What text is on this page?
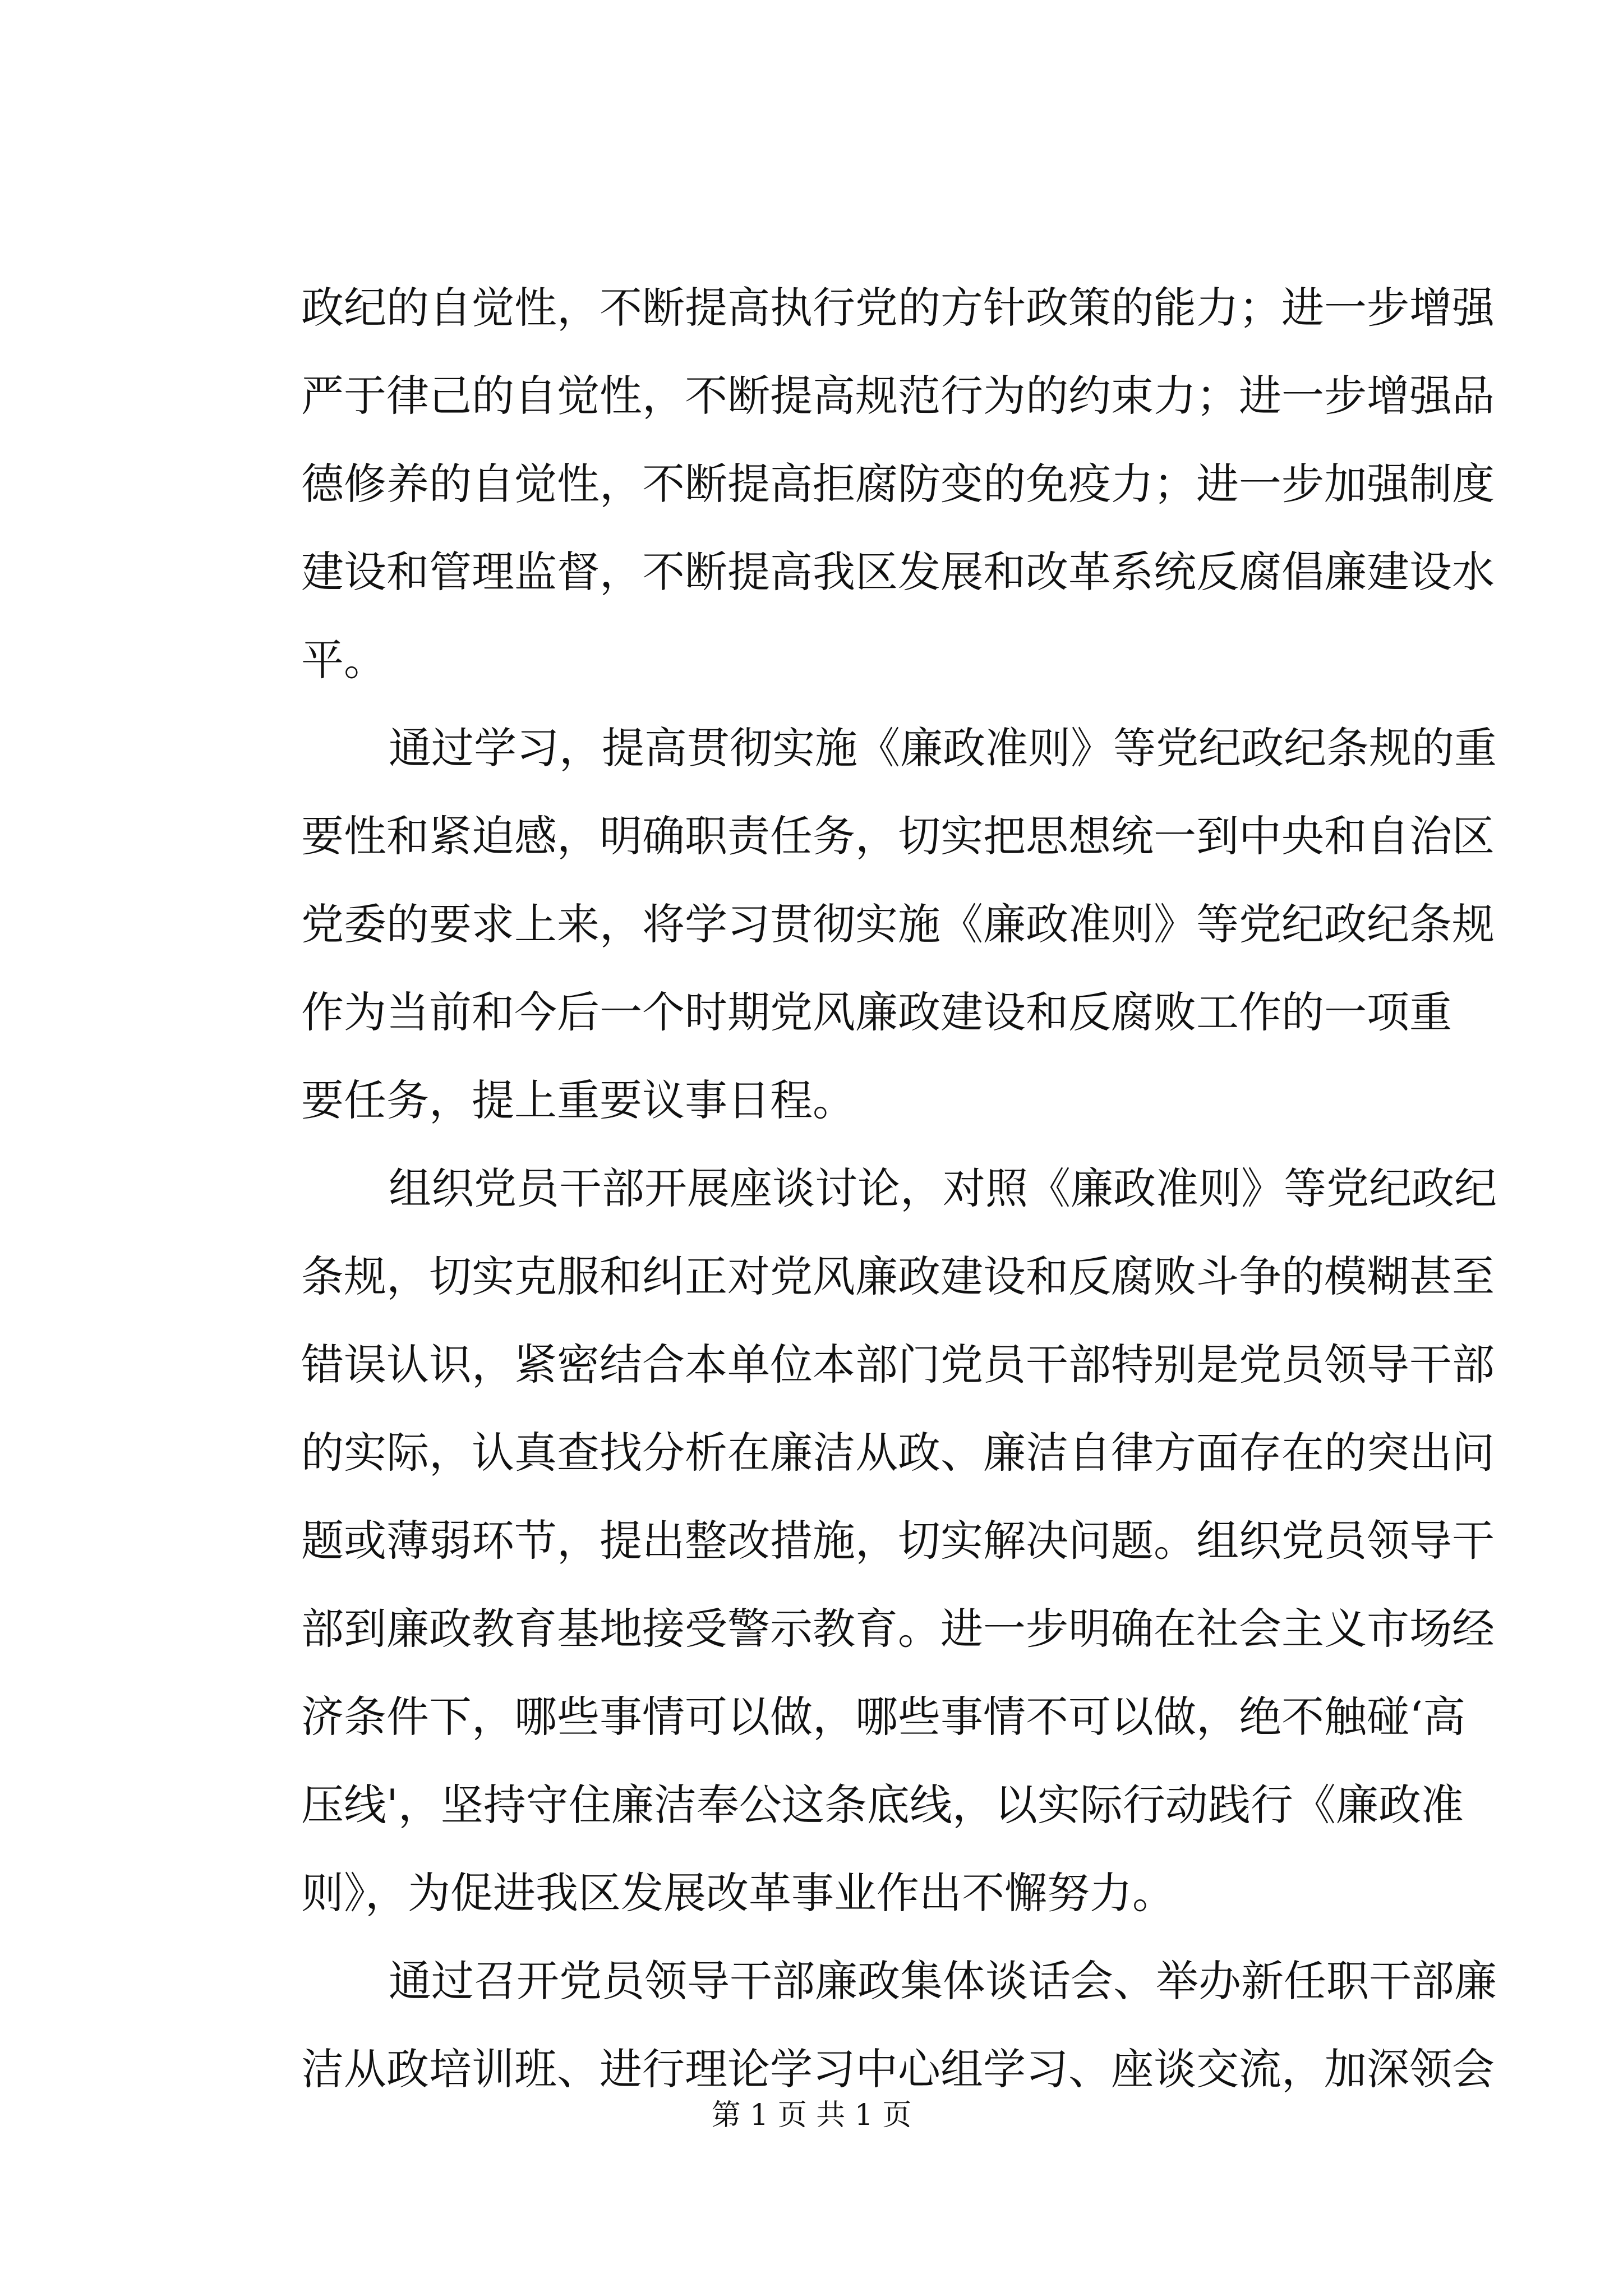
政纪的自觉性，不断提高执行党的方针政策的能力；进一步增强
严于律己的自觉性，不断提高规范行为的约束力；进一步增强品
德修养的自觉性，不断提高拒腐防变的免疫力；进一步加强制度
建设和管理监督，不断提高我区发展和改革系统反腐倡廉建设水
平。
通过学习，提高贯彻实施《廉政准则》等党纪政纪条规的重
要性和紧迫感，明确职责任务，切实把思想统一到中央和自治区
党委的要求上来，将学习贯彻实施《廉政准则》等党纪政纪条规
作为当前和今后一个时期党风廉政建设和反腐败工作的一项重
要任务，提上重要议事日程。
组织党员干部开展座谈讨论，对照《廉政准则》等党纪政纪
条规，切实克服和纠正对党风廉政建设和反腐败斗争的模糊甚至
错误认识，紧密结合本单位本部门党员干部特别是党员领导干部
的实际，认真查找分析在廉洁从政、廉洁自律方面存在的突出问
题或薄弱环节，提出整改措施，切实解决问题。组织党员领导干
部到廉政教育基地接受警示教育。进一步明确在社会主义市场经
济条件下，哪些事情可以做，哪些事情不可以做，绝不触碰‘高
压线'，坚持守住廉洁奉公这条底线，以实际行动践行《廉政准
则》，为促进我区发展改革事业作出不懈努力。
通过召开党员领导干部廉政集体谈话会、举办新任职干部廉
洁从政培训班、进行理论学习中心组学习、座谈交流，加深领会
第 1 页 共 1 页
